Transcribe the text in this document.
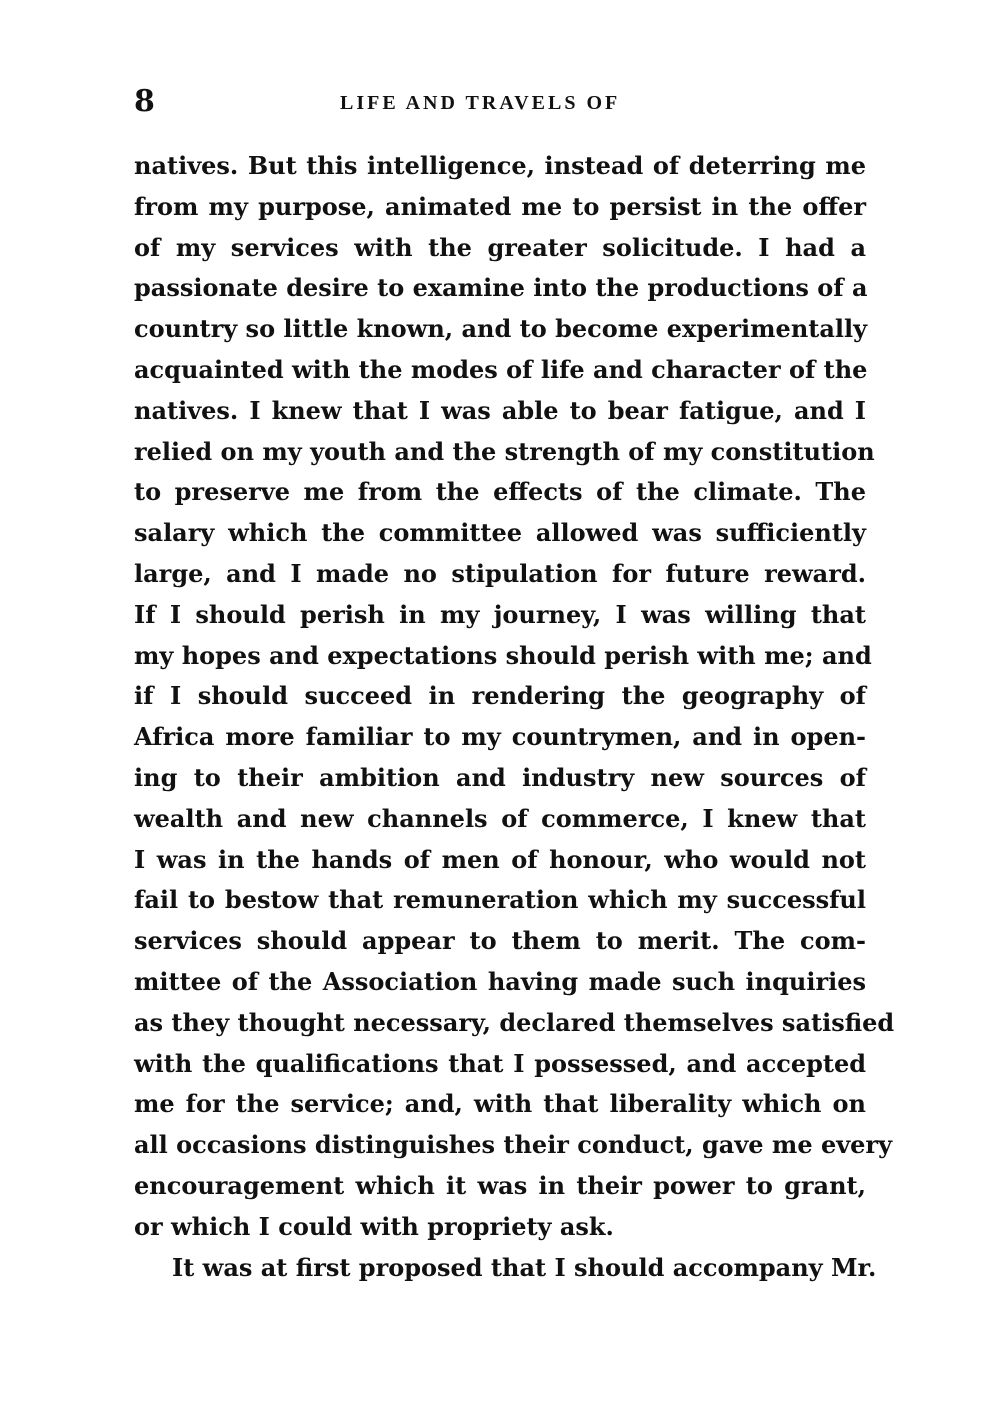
8	LIFE AND TRAVELS OF
natives. But this intelligence, instead of deterring me
from my purpose, animated me to persist in the offer
of my services with the greater solicitude. I had a
passionate desire to examine into the productions of a
country so little known, and to become experimentally
acquainted with the modes of life and character of the
natives. I knew that I was able to bear fatigue, and I
relied on my youth and the strength of my constitution
to preserve me from the effects of the climate. The
salary which the committee allowed was sufficiently
large, and I made no stipulation for future reward.
If I should perish in my journey, I was willing that
my hopes and expectations should perish with me; and
if I should succeed in rendering the geography of
Africa more familiar to my countrymen, and in open-
ing to their ambition and industry new sources of
wealth and new channels of commerce, I knew that
I was in the hands of men of honour, who would not
fail to bestow that remuneration which my successful
services should appear to them to merit. The com-
mittee of the Association having made such inquiries
as they thought necessary, declared themselves satisfied
with the qualifications that I possessed, and accepted
me for the service; and, with that liberality which on
all occasions distinguishes their conduct, gave me every
encouragement which it was in their power to grant,
or which I could with propriety ask.
It was at first proposed that I should accompany Mr.
